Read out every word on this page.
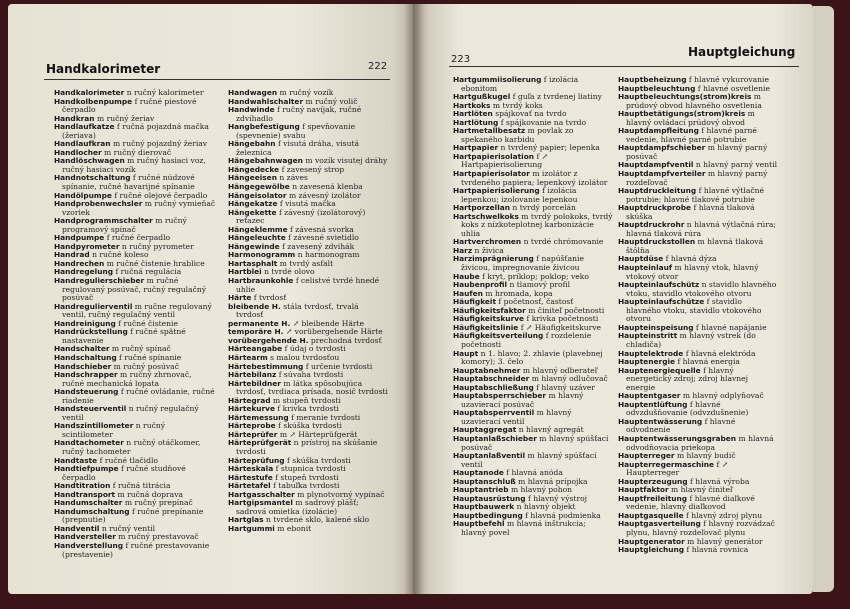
Handkalorimeter	222
Handkalorimeter n ručný kalorimeter
Handkolbenpumpe f ručné piestové čerpadlo
Handkran m ručný žeriav
Handlaufkatze f ručná pojazdná mačka (žeriava)
Handlaufkran m ručný pojazdný žeriav
Handlocher m ručný dierovač
Handlöschwagen m ručný hasiaci voz, ručný hasiaci vozík
Handnotschaltung f ručné núdzové spínanie, ručné havarijné spínanie
Handölpumpe f ručné olejové čerpadlo
Handprobenwechsler m ručný vymieňač vzoriek
Handprogrammschalter m ručný programový spínač
Handpumpe f ručné čerpadlo
Handpyrometer n ručný pyrometer
Handrad n ručné koleso
Handrechen m ručné čistenie hrablice
Handregelung f ručná regulácia
Handregulierschieber m ručné regulovaný posúvač, ručný regulačný posúvač
Handregulierventil m ručne regulovaný ventil, ručný regulačný ventil
Handreinigung f ručné čistenie
Handrückstellung f ručné spätné nastavenie
Handschalter m ručný spínač
Handschaltung f ručné spínanie
Handschieber m ručný posúvač
Handschrapper m ručný zhrnovač, ručné mechanická lopata
Handsteuerung f ručné ovládanie, ručné riadenie
Handsteuerventil n ručný regulačný ventil
Handszintillometer n ručný scintilometer
Handtachometer n ručný otáčkomer, ručný tachometer
Handtaste f ručné tlačidlo
Handtiefpumpe f ručné studňové čerpadlo
Handtitration f ručná titrácia
Handtransport m ručná doprava
Handumschalter m ručný prepínač
Handumschaltung f ručné prepínanie (prepnutie)
Handventil n ručný ventil
Handversteller m ručný prestavovač
Handverstellung f ručné prestavovanie (prestavenie)
Handwagen m ručný vozík
Handwahlschalter m ručný volič
Handwinde f ručný navíjak, ručné zdvíhadlo
Hangbefestigung f spevňovanie (spevnenie) svahu
Hängebahn f visutá dráha, visutá železnica
Hängebahnwagen m vozík visutej dráhy
Hängedecke f zavesený strop
Hängeeisen n záves
Hängegewölbe n zavesená klenba
Hängeisolator m závesný izolátor
Hängekatze f visutá mačka
Hängekette f závesný (izolátorový) reťazec
Hängeklemme f závesná svorka
Hängeleuchte f závesné svietidlo
Hängewinde f zavesený zdvihák
Harmonogramm n harmonogram
Hartasphalt m tvrdý asfalt
Hartblei n tvrdé olovo
Hartbraunkohle f celistvé tvrdé hnedé uhlie
Härte f tvrdosť
bleibende H. stála tvrdosť, trvalá tvrdosť
permanente H. ↗ bleibende Härte
temporäre H. ↗ vorübergehende Härte
vorübergehende H. prechodná tvrdosť
Härteangabe f údaj o tvrdosti
Härtearm s malou tvrdosťou
Härtebestimmung f určenie tvrdosti
Härtebilanz f súvaha tvrdosti
Härtebildner m látka spôsobujúca tvrdosť, tvrdiaca prísada, nosič tvrdosti
Härtegrad m stupeň tvrdosti
Härtekurve f krivka tvrdosti
Härtemessung f meranie tvrdosti
Härteprobe f skúška tvrdosti
Härteprüfer m ↗ Härteprüfgerät
Härteprüfgerät n prístroj na skúšanie tvrdosti
Härteprüfung f skúška tvrdosti
Härteskala f stupnica tvrdosti
Härtestufe f stupeň tvrdosti
Härtetafel f tabuľka tvrdosti
Hartgasschalter m plynotvorný vypínač
Hartgipsmantel m sadrový plášť; sadrová omietka (izolácie)
Hartglas n tvrdené sklo, kalené sklo
Hartgummi m ebonit
223
Hauptgleichung
Hartgummiisolierung f izolácia ebonitom
Hartgußkugel f guľa z tvrdenej liatiny
Hartkoks m tvrdý koks
Hartlöten spájkovať na tvrdo
Hartlötung f spájkovanie na tvrdo
Hartmetallbesatz m povlak zo spekaného karbidu
Hartpapier n tvrdený papier; lepenka
Hartpapierisolation f ↗ Hartpapierisolierung
Hartpapierisolator m izolátor z tvrdeného papiera; lepenkový izolátor
Hartpapierisolierung f izolácia lepenkou; izolovanie lepenkou
Hartporzellan n tvrdý porcelán
Hartschwelkoks m tvrdý polokoks, tvrdý koks z nízkoteplotnej karbonizácie uhlia
Hartverchromen n tvrdé chrómovanie
Harz n živica
Harzimprägnierung f napúšťanie živicou, impregnovanie živicou
Haube f kryt, príklop; poklop; veko
Haubenprofil n tlamový profil
Haufen m hromada, kopa
Häufigkeit f početnosť, častosť
Häufigkeitsfaktor m činiteľ početnosti
Häufigkeitskurve f krivka početnosti
Häufigkeitslinie f ↗ Häufigkeitskurve
Häufigkeitsverteilung f rozdelenie početnosti
Haupt n 1. hlavo; 2. zhlavie (plavebnej komory); 3. čelo
Hauptabnehmer m hlavný odberateľ
Hauptabschneider m hlavný odlučovač
Hauptabschließung f hlavný uzáver
Hauptabsperrschieber m hlavný uzavierací posúvač
Hauptabsperrventil m hlavný uzavierací ventil
Hauptaggregat n hlavný agregát
Hauptanlaßschieber m hlavný spúšťací posúvač
Hauptanlaßventil m hlavný spúšťací ventil
Hauptanode f hlavná anóda
Hauptanschluß m hlavná prípojka
Hauptantrieb m hlavný pohon
Hauptausrüstung f hlavný výstroj
Hauptbauwerk n hlavný objekt
Hauptbedingung f hlavná podmienka
Hauptbefehl m hlavná inštrukcia; hlavný povel
Hauptbeheizung f hlavné vykurovanie
Hauptbeleuchtung f hlavné osvetlenie
Hauptbeleuchtungs(strom)kreis m prúdový obvod hlavného osvetlenia
Hauptbetätigungs(strom)kreis m hlavný ovládací prúdový obvod
Hauptdampfleitung f hlavné parné vedenie, hlavné parné potrubie
Hauptdampfschieber m hlavný parný posúvač
Hauptdampfventil n hlavný parný ventil
Hauptdampfverteiler m hlavný parný rozdeľovač
Hauptdruckleitung f hlavné výtlačné potrubie; hlavné tlakové potrubie
Hauptdruckprobe f hlavná tlaková skúška
Hauptdruckrohr n hlavná výtlačná rúra; hlavná tlaková rúra
Hauptdruckstollen m hlavná tlaková štôlňa
Hauptdüse f hlavná dýza
Haupteinlauf m hlavný vtok, hlavný vtokový otvor
Haupteinlaufschütz n stavidlo hlavného vtoku, stavidlo vtokového otvoru
Haupteinlaufschütze f stavidlo hlavného vtoku, stavidlo vtokového otvoru
Haupteinspeisung f hlavné napájanie
Haupteinstritt m hlavný vstrek (do chladiča)
Hauptelektrode f hlavná elektróda
Hauptenergie f hlavná energia
Hauptenergiequelle f hlavný energetický zdroj; zdroj hlavnej energie
Hauptentgaser m hlavný odplyňovač
Hauptentlüftung f hlavné odvzdušňovanie (odvzdušnenie)
Hauptentwässerung f hlavné odvodnenie
Hauptentwässerungsgraben m hlavná odvodňovacia priekopa
Haupterreger m hlavný budič
Haupterregermaschine f ↗ Haupterreger
Haupterzeugung f hlavná výroba
Hauptfaktor m hlavný činiteľ
Hauptfreileitung f hlavné diaľkové vedenie, hlavný diaľkovod
Hauptgasquelle f hlavný zdroj plynu
Hauptgasverteilung f hlavný rozvádzač plynu, hlavný rozdeľovač plynu
Hauptgenerator m hlavný generátor
Hauptgleichung f hlavná rovnica
